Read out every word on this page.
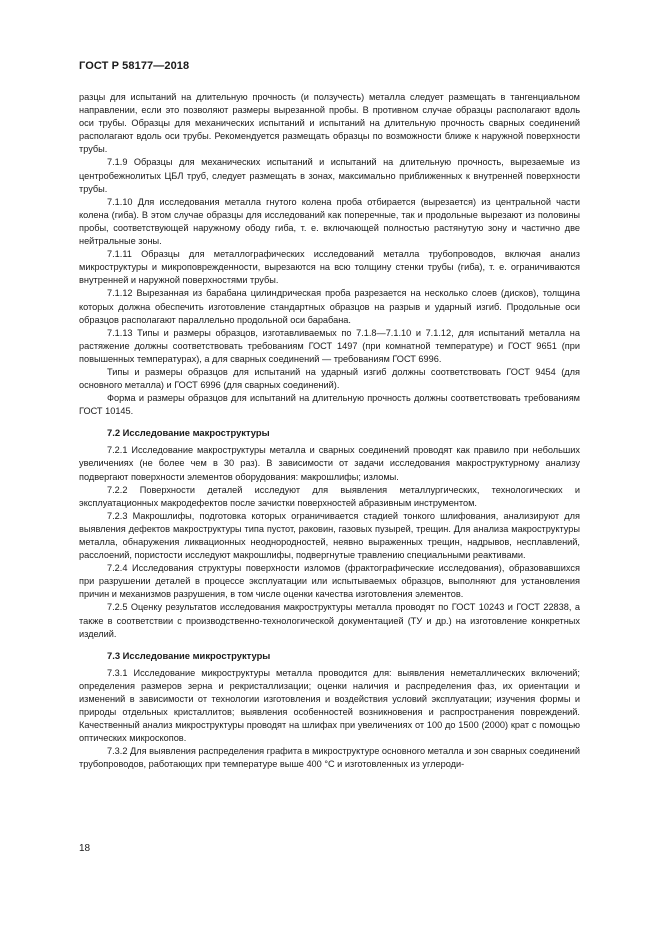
ГОСТ Р 58177—2018

разцы для испытаний на длительную прочность (и ползучесть) металла следует размещать в тангенциальном направлении, если это позволяют размеры вырезанной пробы. В противном случае образцы располагают вдоль оси трубы. Образцы для механических испытаний и испытаний на длительную прочность сварных соединений располагают вдоль оси трубы. Рекомендуется размещать образцы по возможности ближе к наружной поверхности трубы.

7.1.9 Образцы для механических испытаний и испытаний на длительную прочность, вырезаемые из центробежнолитых ЦБЛ труб, следует размещать в зонах, максимально приближенных к внутренней поверхности трубы.

7.1.10 Для исследования металла гнутого колена проба отбирается (вырезается) из центральной части колена (гиба). В этом случае образцы для исследований как поперечные, так и продольные вырезают из половины пробы, соответствующей наружному ободу гиба, т. е. включающей полностью растянутую зону и частично две нейтральные зоны.

7.1.11 Образцы для металлографических исследований металла трубопроводов, включая анализ микроструктуры и микроповрежденности, вырезаются на всю толщину стенки трубы (гиба), т. е. ограничиваются внутренней и наружной поверхностями трубы.

7.1.12 Вырезанная из барабана цилиндрическая проба разрезается на несколько слоев (дисков), толщина которых должна обеспечить изготовление стандартных образцов на разрыв и ударный изгиб. Продольные оси образцов располагают параллельно продольной оси барабана.

7.1.13 Типы и размеры образцов, изготавливаемых по 7.1.8—7.1.10 и 7.1.12, для испытаний металла на растяжение должны соответствовать требованиям ГОСТ 1497 (при комнатной температуре) и ГОСТ 9651 (при повышенных температурах), а для сварных соединений — требованиям ГОСТ 6996.

Типы и размеры образцов для испытаний на ударный изгиб должны соответствовать ГОСТ 9454 (для основного металла) и ГОСТ 6996 (для сварных соединений).

Форма и размеры образцов для испытаний на длительную прочность должны соответствовать требованиям ГОСТ 10145.

7.2 Исследование макроструктуры

7.2.1 Исследование макроструктуры металла и сварных соединений проводят как правило при небольших увеличениях (не более чем в 30 раз). В зависимости от задачи исследования макроструктурному анализу подвергают поверхности элементов оборудования: макрошлифы; изломы.

7.2.2 Поверхности деталей исследуют для выявления металлургических, технологических и эксплуатационных макродефектов после зачистки поверхностей абразивным инструментом.

7.2.3 Макрошлифы, подготовка которых ограничивается стадией тонкого шлифования, анализируют для выявления дефектов макроструктуры типа пустот, раковин, газовых пузырей, трещин. Для анализа макроструктуры металла, обнаружения ликвационных неоднородностей, неявно выраженных трещин, надрывов, несплавлений, расслоений, пористости исследуют макрошлифы, подвергнутые травлению специальными реактивами.

7.2.4 Исследования структуры поверхности изломов (фрактографические исследования), образовавшихся при разрушении деталей в процессе эксплуатации или испытываемых образцов, выполняют для установления причин и механизмов разрушения, в том числе оценки качества изготовления элементов.

7.2.5 Оценку результатов исследования макроструктуры металла проводят по ГОСТ 10243 и ГОСТ 22838, а также в соответствии с производственно-технологической документацией (ТУ и др.) на изготовление конкретных изделий.

7.3 Исследование микроструктуры

7.3.1 Исследование микроструктуры металла проводится для: выявления неметаллических включений; определения размеров зерна и рекристаллизации; оценки наличия и распределения фаз, их ориентации и изменений в зависимости от технологии изготовления и воздействия условий эксплуатации; изучения формы и природы отдельных кристаллитов; выявления особенностей возникновения и распространения повреждений. Качественный анализ микроструктуры проводят на шлифах при увеличениях от 100 до 1500 (2000) крат с помощью оптических микроскопов.

7.3.2 Для выявления распределения графита в микроструктуре основного металла и зон сварных соединений трубопроводов, работающих при температуре выше 400 °С и изготовленных из углероди-

18
